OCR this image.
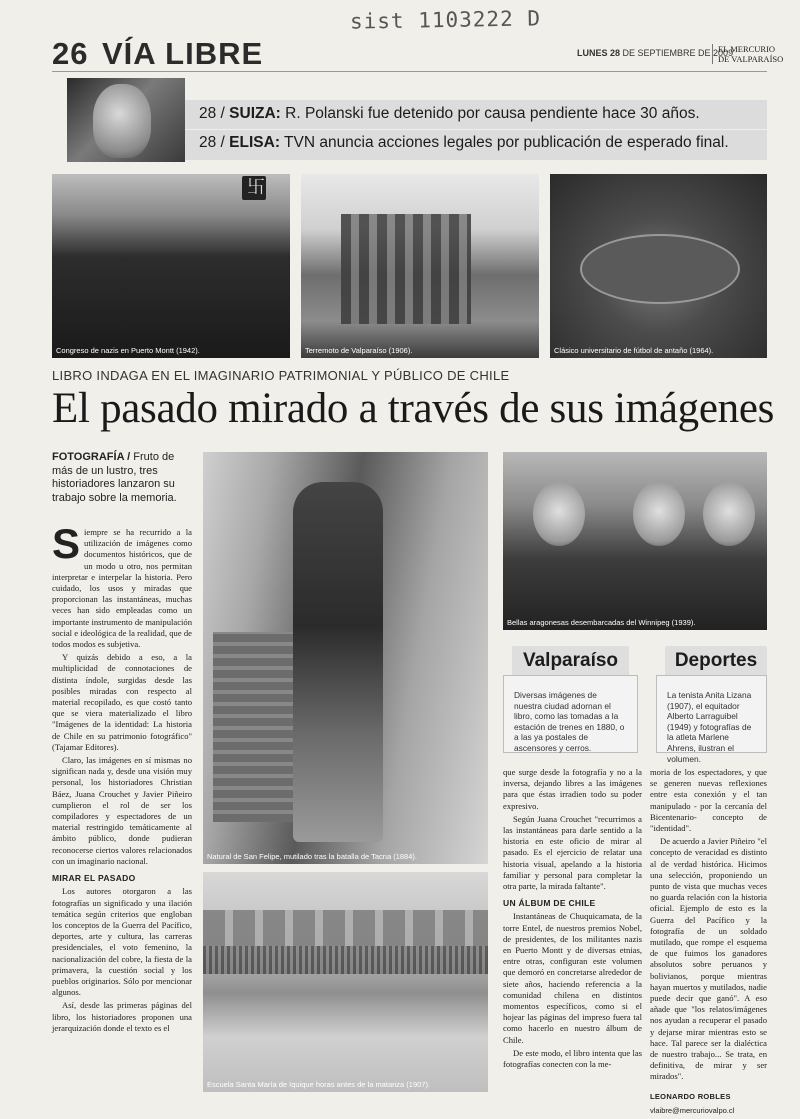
sist 1103222 D
26 VÍA LIBRE	LUNES 28 DE SEPTIEMBRE DE 2009
EL MERCURIO
DE VALPARAÍSO
28 / SUIZA: R. Polanski fue detenido por causa pendiente hace 30 años.
28 / ELISA: TVN anuncia acciones legales por publicación de esperado final.
卐
Congreso de nazis en Puerto Montt (1942).	Terremoto de Valparaíso (1906).	Clásico universitario de fútbol de antaño (1964).
LIBRO INDAGA EN EL IMAGINARIO PATRIMONIAL Y PÚBLICO DE CHILE
El pasado mirado a través de sus imágenes
FOTOGRAFÍA / Fruto de más de un lustro, tres historiadores lanzaron su trabajo sobre la memoria.

Siempre se ha recurrido a la utilización de imágenes como documentos históricos, que de un modo u otro, nos permitan interpretar e interpelar la historia. Pero cuidado, los usos y miradas que proporcionan las instantáneas, muchas veces han sido empleadas como un importante instrumento de manipulación social e ideológica de la realidad, que de todos modos es subjetiva.

Y quizás debido a eso, a la multiplicidad de connotaciones de distinta índole, surgidas desde las posibles miradas con respecto al material recopilado, es que costó tanto que se viera materializado el libro "Imágenes de la identidad: La historia de Chile en su patrimonio fotográfico" (Tajamar Editores).

Claro, las imágenes en sí mismas no significan nada y, desde una visión muy personal, los historiadores Christian Báez, Juana Crouchet y Javier Piñeiro cumplieron el rol de ser los compiladores y espectadores de un material restringido temáticamente al ámbito público, donde pudieran reconocerse ciertos valores relacionados con un imaginario nacional.

MIRAR EL PASADO

Los autores otorgaron a las fotografías un significado y una ilación temática según criterios que engloban los conceptos de la Guerra del Pacífico, deportes, arte y cultura, las carreras presidenciales, el voto femenino, la nacionalización del cobre, la fiesta de la primavera, la cuestión social y los pueblos originarios. Sólo por mencionar algunos.

Así, desde las primeras páginas del libro, los historiadores proponen una jerarquización donde el texto es el

Natural de San Felipe, mutilado tras la batalla de Tacna (1884).
Bellas aragonesas desembarcadas del Winnipeg (1939).
Escuela Santa María de Iquique horas antes de la matanza (1907).
Valparaíso
Diversas imágenes de nuestra ciudad adornan el libro, como las tomadas a la estación de trenes en 1880, o a las ya postales de ascensores y cerros.
Deportes
La tenista Anita Lizana (1907), el equitador Alberto Larraguibel (1949) y fotografías de la atleta Marlene Ahrens, ilustran el volumen.

que surge desde la fotografía y no a la inversa, dejando libres a las imágenes para que éstas irradien todo su poder expresivo.

Según Juana Crouchet "recurrimos a las instantáneas para darle sentido a la historia en este oficio de mirar al pasado. Es el ejercicio de relatar una historia visual, apelando a la historia familiar y personal para completar la otra parte, la mirada faltante".

UN ÁLBUM DE CHILE

Instantáneas de Chuquicamata, de la torre Entel, de nuestros premios Nobel, de presidentes, de los militantes nazis en Puerto Montt y de diversas etnias, entre otras, configuran este volumen que demoró en concretarse alrededor de siete años, haciendo referencia a la comunidad chilena en distintos momentos específicos, como si el hojear las páginas del impreso fuera tal como hacerlo en nuestro álbum de Chile.

De este modo, el libro intenta que las fotografías conecten con la me-

moria de los espectadores, y que se generen nuevas reflexiones entre esta conexión y el tan manipulado - por la cercanía del Bicentenario- concepto de "identidad".

De acuerdo a Javier Piñeiro "el concepto de veracidad es distinto al de verdad histórica. Hicimos una selección, proponiendo un punto de vista que muchas veces no guarda relación con la historia oficial. Ejemplo de esto es la Guerra del Pacífico y la fotografía de un soldado mutilado, que rompe el esquema de que fuimos los ganadores absolutos sobre peruanos y bolivianos, porque mientras hayan muertos y mutilados, nadie puede decir que ganó". A eso añade que "los relatos/imágenes nos ayudan a recuperar el pasado y dejarse mirar mientras esto se hace. Tal parece ser la dialéctica de nuestro trabajo... Se trata, en definitiva, de mirar y ser mirados".

LEONARDO ROBLES
vlaibre@mercuriovalpo.cl
